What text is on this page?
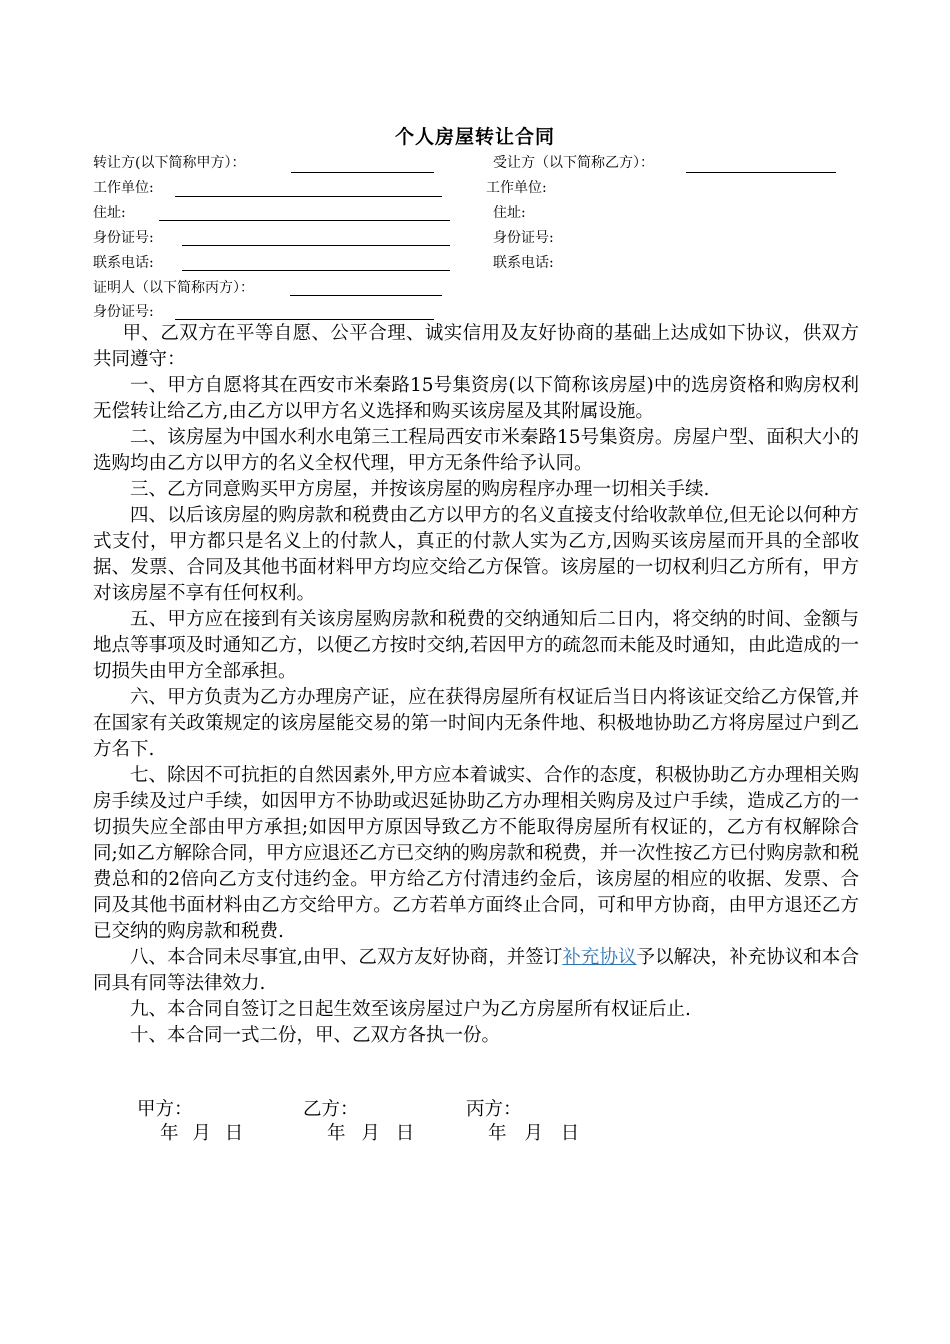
个人房屋转让合同
转让方(以下简称甲方）：	受让方（以下简称乙方）：
工作单位:	工作单位:
住址:	住址:
身份证号:	身份证号:
联系电话:	联系电话:
证明人（以下简称丙方）：
身份证号:

甲、乙双方在平等自愿、公平合理、诚实信用及友好协商的基础上达成如下协议，供双方共同遵守：

一、甲方自愿将其在西安市米秦路15号集资房(以下简称该房屋)中的选房资格和购房权利无偿转让给乙方,由乙方以甲方名义选择和购买该房屋及其附属设施。

二、该房屋为中国水利水电第三工程局西安市米秦路15号集资房。房屋户型、面积大小的选购均由乙方以甲方的名义全权代理，甲方无条件给予认同。

三、乙方同意购买甲方房屋，并按该房屋的购房程序办理一切相关手续.

四、以后该房屋的购房款和税费由乙方以甲方的名义直接支付给收款单位,但无论以何种方式支付，甲方都只是名义上的付款人，真正的付款人实为乙方,因购买该房屋而开具的全部收据、发票、合同及其他书面材料甲方均应交给乙方保管。该房屋的一切权利归乙方所有，甲方对该房屋不享有任何权利。

五、甲方应在接到有关该房屋购房款和税费的交纳通知后二日内，将交纳的时间、金额与地点等事项及时通知乙方，以便乙方按时交纳,若因甲方的疏忽而未能及时通知，由此造成的一切损失由甲方全部承担。

六、甲方负责为乙方办理房产证，应在获得房屋所有权证后当日内将该证交给乙方保管,并在国家有关政策规定的该房屋能交易的第一时间内无条件地、积极地协助乙方将房屋过户到乙方名下.

七、除因不可抗拒的自然因素外,甲方应本着诚实、合作的态度，积极协助乙方办理相关购房手续及过户手续，如因甲方不协助或迟延协助乙方办理相关购房及过户手续，造成乙方的一切损失应全部由甲方承担;如因甲方原因导致乙方不能取得房屋所有权证的，乙方有权解除合同;如乙方解除合同，甲方应退还乙方已交纳的购房款和税费，并一次性按乙方已付购房款和税费总和的2倍向乙方支付违约金。甲方给乙方付清违约金后，该房屋的相应的收据、发票、合同及其他书面材料由乙方交给甲方。乙方若单方面终止合同，可和甲方协商，由甲方退还乙方已交纳的购房款和税费.

八、本合同未尽事宜,由甲、乙双方友好协商，并签订补充协议予以解决，补充协议和本合同具有同等法律效力.

九、本合同自签订之日起生效至该房屋过户为乙方房屋所有权证后止.

十、本合同一式二份，甲、乙双方各执一份。

甲方：	乙方：	丙方：
年 月 日	年 月 日	年 月 日
